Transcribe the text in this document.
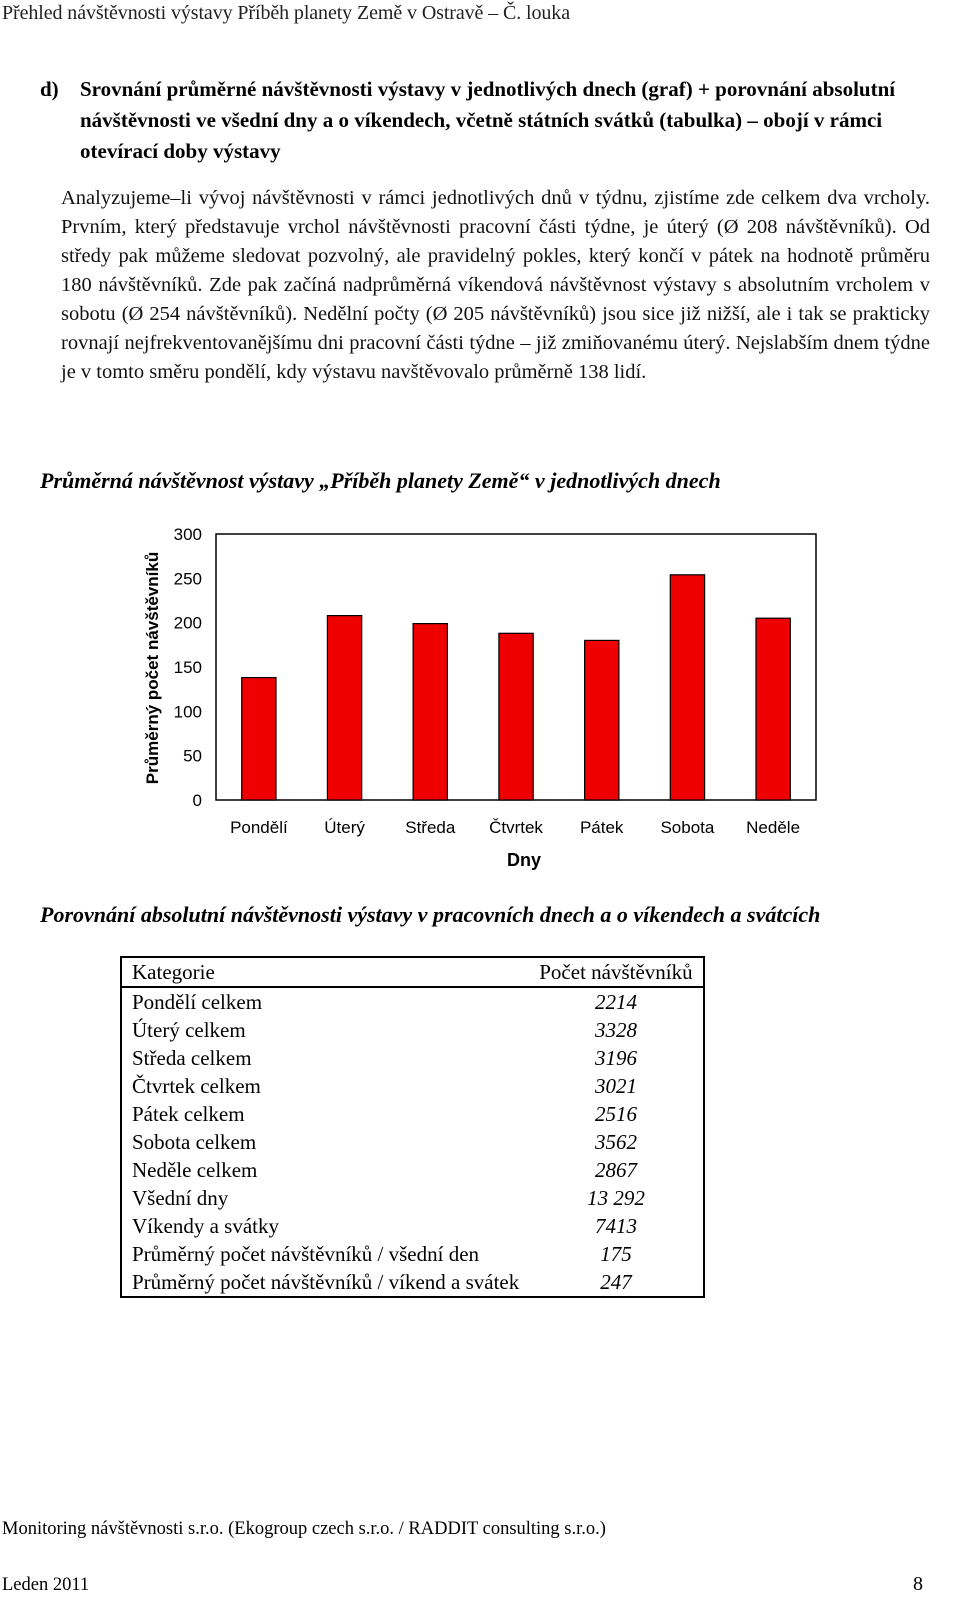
Přehled návštěvnosti výstavy Příběh planety Země v Ostravě – Č. louka
d) Srovnání průměrné návštěvnosti výstavy v jednotlivých dnech (graf) + porovnání absolutní návštěvnosti ve všední dny a o víkendech, včetně státních svátků (tabulka) – obojí v rámci otevírací doby výstavy
Analyzujeme–li vývoj návštěvnosti v rámci jednotlivých dnů v týdnu, zjistíme zde celkem dva vrcholy. Prvním, který představuje vrchol návštěvnosti pracovní části týdne, je úterý (Ø 208 návštěvníků). Od středy pak můžeme sledovat pozvolný, ale pravidelný pokles, který končí v pátek na hodnotě průměru 180 návštěvníků. Zde pak začíná nadprůměrná víkendová návštěvnost výstavy s absolutním vrcholem v sobotu (Ø 254 návštěvníků). Nedělní počty (Ø 205 návštěvníků) jsou sice již nižší, ale i tak se prakticky rovnají nejfrekventovanějšímu dni pracovní části týdne – již zmiňovanému úterý. Nejslabším dnem týdne je v tomto směru pondělí, kdy výstavu navštěvovalo průměrně 138 lidí.
Průměrná návštěvnost výstavy „Příběh planety Země“ v jednotlivých dnech
0
50
100
150
200
250
300
Pondělí Úterý Středa Čtvrtek Pátek Sobota Neděle
Průměrný počet návštěvníků
Dny
Porovnání absolutní návštěvnosti výstavy v pracovních dnech a o víkendech a svátcích
Kategorie	Počet návštěvníků
Pondělí celkem	2214
Úterý celkem	3328
Středa celkem	3196
Čtvrtek celkem	3021
Pátek celkem	2516
Sobota celkem	3562
Neděle celkem	2867
Všední dny	13 292
Víkendy a svátky	7413
Průměrný počet návštěvníků / všední den	175
Průměrný počet návštěvníků / víkend a svátek	247
Monitoring návštěvnosti s.r.o. (Ekogroup czech s.r.o. / RADDIT consulting s.r.o.)
Leden 2011	8
